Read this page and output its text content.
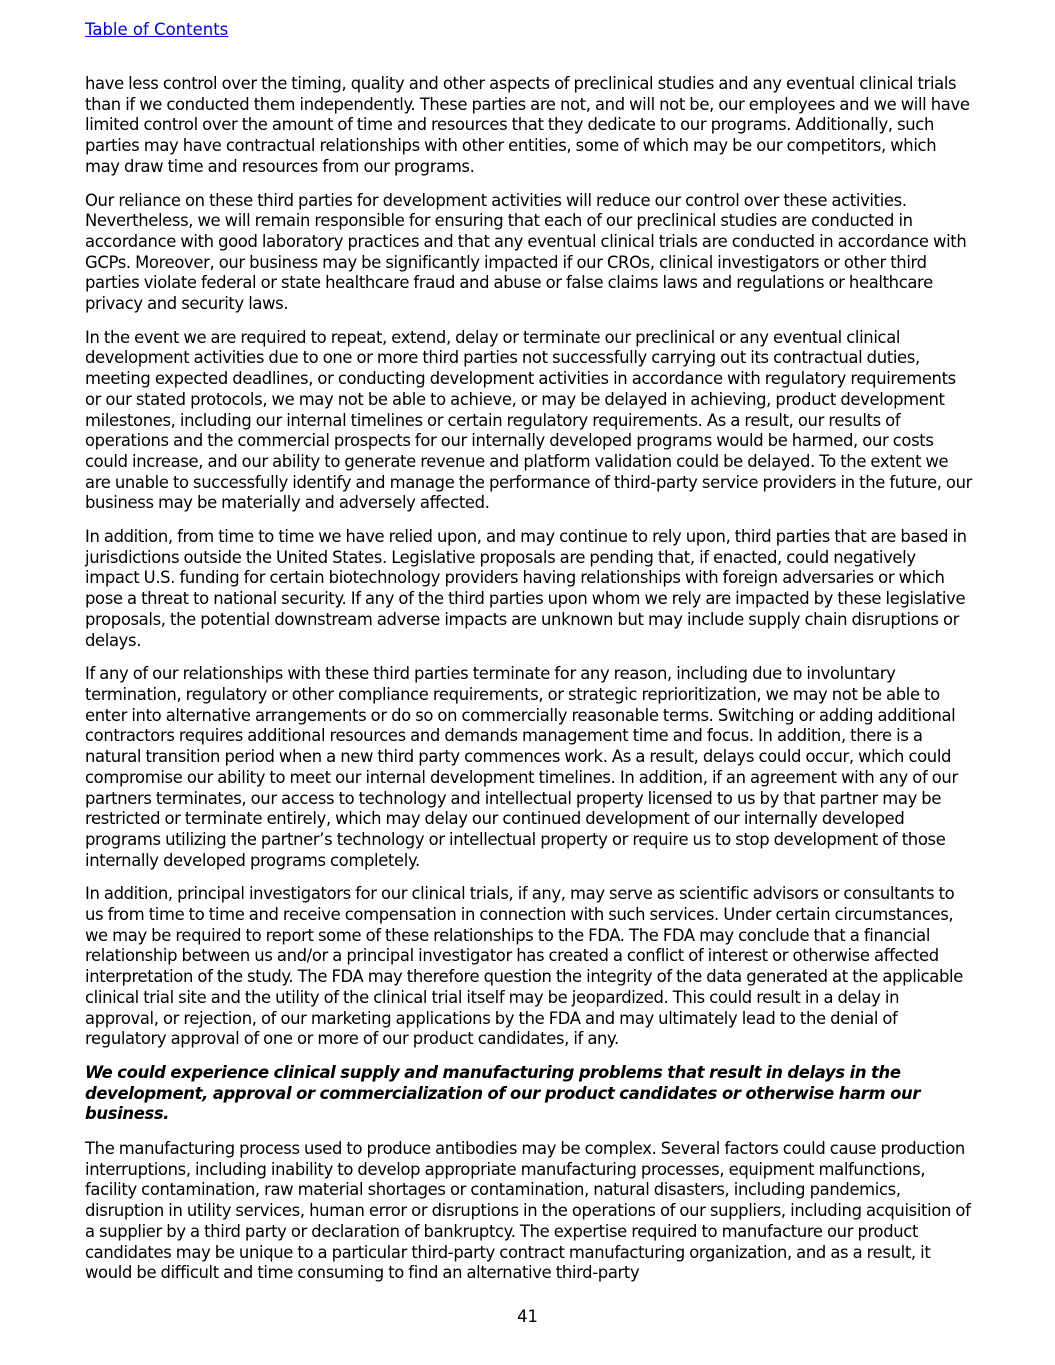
Table of Contents

have less control over the timing, quality and other aspects of preclinical studies and any eventual clinical trials than if we conducted them independently. These parties are not, and will not be, our employees and we will have limited control over the amount of time and resources that they dedicate to our programs. Additionally, such parties may have contractual relationships with other entities, some of which may be our competitors, which may draw time and resources from our programs.

Our reliance on these third parties for development activities will reduce our control over these activities. Nevertheless, we will remain responsible for ensuring that each of our preclinical studies are conducted in accordance with good laboratory practices and that any eventual clinical trials are conducted in accordance with GCPs. Moreover, our business may be significantly impacted if our CROs, clinical investigators or other third parties violate federal or state healthcare fraud and abuse or false claims laws and regulations or healthcare privacy and security laws.

In the event we are required to repeat, extend, delay or terminate our preclinical or any eventual clinical development activities due to one or more third parties not successfully carrying out its contractual duties, meeting expected deadlines, or conducting development activities in accordance with regulatory requirements or our stated protocols, we may not be able to achieve, or may be delayed in achieving, product development milestones, including our internal timelines or certain regulatory requirements. As a result, our results of operations and the commercial prospects for our internally developed programs would be harmed, our costs could increase, and our ability to generate revenue and platform validation could be delayed. To the extent we are unable to successfully identify and manage the performance of third-party service providers in the future, our business may be materially and adversely affected.

In addition, from time to time we have relied upon, and may continue to rely upon, third parties that are based in jurisdictions outside the United States. Legislative proposals are pending that, if enacted, could negatively impact U.S. funding for certain biotechnology providers having relationships with foreign adversaries or which pose a threat to national security. If any of the third parties upon whom we rely are impacted by these legislative proposals, the potential downstream adverse impacts are unknown but may include supply chain disruptions or delays.

If any of our relationships with these third parties terminate for any reason, including due to involuntary termination, regulatory or other compliance requirements, or strategic reprioritization, we may not be able to enter into alternative arrangements or do so on commercially reasonable terms. Switching or adding additional contractors requires additional resources and demands management time and focus. In addition, there is a natural transition period when a new third party commences work. As a result, delays could occur, which could compromise our ability to meet our internal development timelines. In addition, if an agreement with any of our partners terminates, our access to technology and intellectual property licensed to us by that partner may be restricted or terminate entirely, which may delay our continued development of our internally developed programs utilizing the partner’s technology or intellectual property or require us to stop development of those internally developed programs completely.

In addition, principal investigators for our clinical trials, if any, may serve as scientific advisors or consultants to us from time to time and receive compensation in connection with such services. Under certain circumstances, we may be required to report some of these relationships to the FDA. The FDA may conclude that a financial relationship between us and/or a principal investigator has created a conflict of interest or otherwise affected interpretation of the study. The FDA may therefore question the integrity of the data generated at the applicable clinical trial site and the utility of the clinical trial itself may be jeopardized. This could result in a delay in approval, or rejection, of our marketing applications by the FDA and may ultimately lead to the denial of regulatory approval of one or more of our product candidates, if any.

We could experience clinical supply and manufacturing problems that result in delays in the development, approval or commercialization of our product candidates or otherwise harm our business.

The manufacturing process used to produce antibodies may be complex. Several factors could cause production interruptions, including inability to develop appropriate manufacturing processes, equipment malfunctions, facility contamination, raw material shortages or contamination, natural disasters, including pandemics, disruption in utility services, human error or disruptions in the operations of our suppliers, including acquisition of a supplier by a third party or declaration of bankruptcy. The expertise required to manufacture our product candidates may be unique to a particular third-party contract manufacturing organization, and as a result, it would be difficult and time consuming to find an alternative third-party

41
